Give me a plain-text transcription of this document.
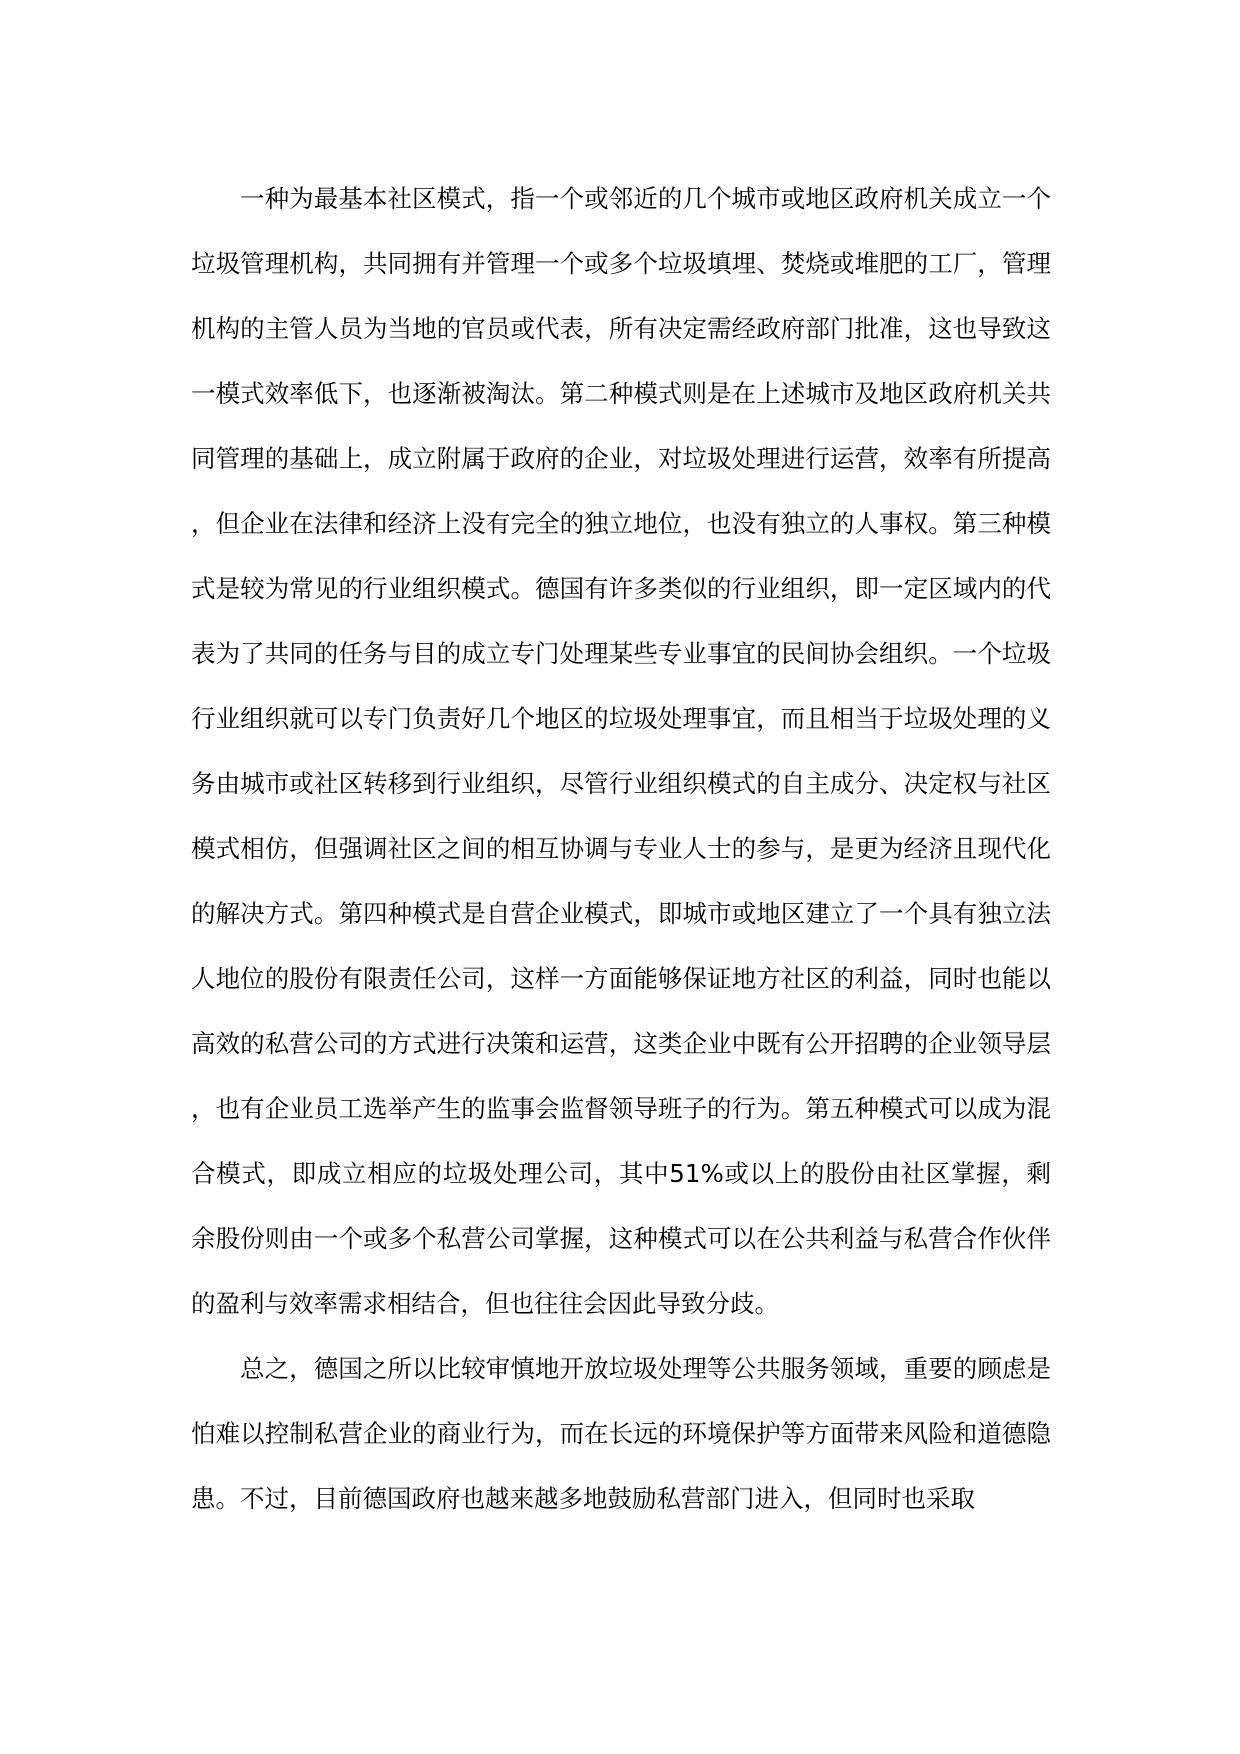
一种为最基本社区模式，指一个或邻近的几个城市或地区政府机关成立一个垃圾管理机构，共同拥有并管理一个或多个垃圾填埋、焚烧或堆肥的工厂，管理机构的主管人员为当地的官员或代表，所有决定需经政府部门批准，这也导致这一模式效率低下，也逐渐被淘汰。第二种模式则是在上述城市及地区政府机关共同管理的基础上，成立附属于政府的企业，对垃圾处理进行运营，效率有所提高，但企业在法律和经济上没有完全的独立地位，也没有独立的人事权。第三种模式是较为常见的行业组织模式。德国有许多类似的行业组织，即一定区域内的代表为了共同的任务与目的成立专门处理某些专业事宜的民间协会组织。一个垃圾行业组织就可以专门负责好几个地区的垃圾处理事宜，而且相当于垃圾处理的义务由城市或社区转移到行业组织，尽管行业组织模式的自主成分、决定权与社区模式相仿，但强调社区之间的相互协调与专业人士的参与，是更为经济且现代化的解决方式。第四种模式是自营企业模式，即城市或地区建立了一个具有独立法人地位的股份有限责任公司，这样一方面能够保证地方社区的利益，同时也能以高效的私营公司的方式进行决策和运营，这类企业中既有公开招聘的企业领导层，也有企业员工选举产生的监事会监督领导班子的行为。第五种模式可以成为混合模式，即成立相应的垃圾处理公司，其中51%或以上的股份由社区掌握，剩余股份则由一个或多个私营公司掌握，这种模式可以在公共利益与私营合作伙伴的盈利与效率需求相结合，但也往往会因此导致分歧。

总之，德国之所以比较审慎地开放垃圾处理等公共服务领域，重要的顾虑是怕难以控制私营企业的商业行为，而在长远的环境保护等方面带来风险和道德隐患。不过，目前德国政府也越来越多地鼓励私营部门进入，但同时也采取
